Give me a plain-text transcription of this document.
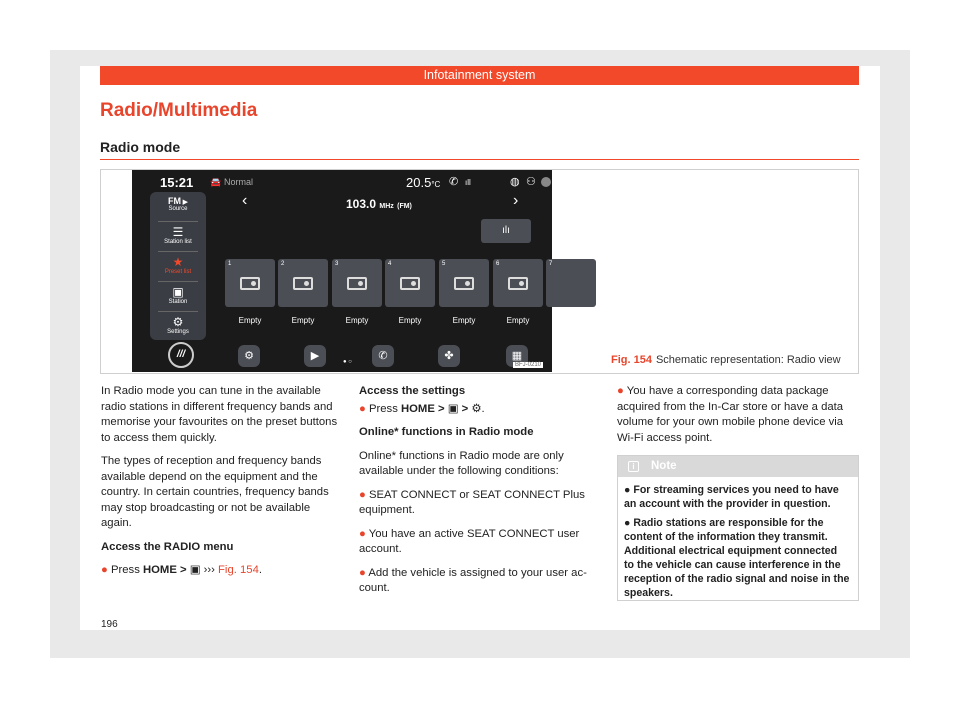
Infotainment system
Radio/Multimedia
Radio mode
15:21 🚘 Normal	20.5°C ✆ ıll	◍ ⚇
FM ▶
Source
☰
Station list
★
Preset list
▣
Station
⚙
Settings
‹	103.0 MHz (FM)	›
ılı
1	2	3	4	5	6	7
Empty	Empty	Empty	Empty	Empty	Empty
///	⚙	▶	● ○	✆	✤	▦
BFJ-0210	Fig. 154 Schematic representation: Radio view

In Radio mode you can tune in the available radio stations in different frequency bands and memorise your favourites on the preset buttons to access them quickly.

The types of reception and frequency bands available depend on the equipment and the country. In certain countries, frequency bands may stop broadcasting or not be available again.

Access the RADIO menu

● Press HOME > ▣ ››› Fig. 154.

Access the settings

● Press HOME > ▣ > ⚙.

Online* functions in Radio mode

Online* functions in Radio mode are only available under the following conditions:

● SEAT CONNECT or SEAT CONNECT Plus equipment.

● You have an active SEAT CONNECT user account.

● Add the vehicle is assigned to your user ac- count.

● You have a corresponding data package acquired from the In-Car store or have a data volume for your own mobile phone device via Wi-Fi access point.

i Note
● For streaming services you need to have an account with the provider in question.
● Radio stations are responsible for the content of the information they transmit. Additional electrical equipment connected to the vehicle can cause interference in the reception of the radio signal and noise in the speakers.
196
